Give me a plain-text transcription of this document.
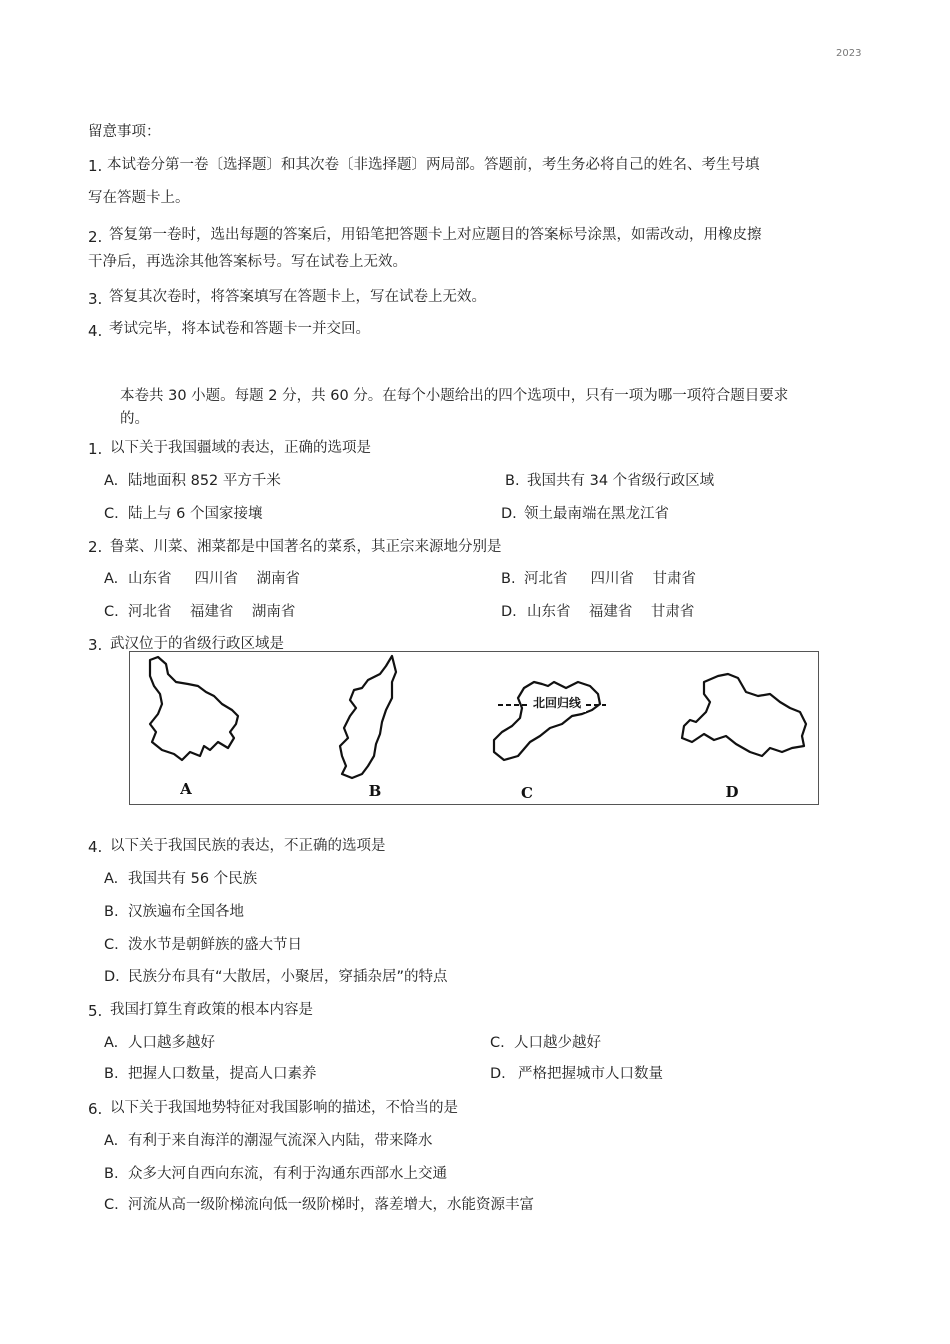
2023
留意事项：
1. 本试卷分第一卷〔选择题〕和其次卷〔非选择题〕两局部。答题前，考生务必将自己的姓名、考生号填
写在答题卡上。
2. 答复第一卷时，选出每题的答案后，用铅笔把答题卡上对应题目的答案标号涂黑，如需改动，用橡皮擦
干净后，再选涂其他答案标号。写在试卷上无效。
3. 答复其次卷时，将答案填写在答题卡上，写在试卷上无效。
4. 考试完毕，将本试卷和答题卡一并交回。
本卷共 30 小题。每题 2 分，共 60 分。在每个小题给出的四个选项中，只有一项为哪一项符合题目要求
的。
1. 以下关于我国疆域的表达，正确的选项是
A. 陆地面积 852 平方千米	B. 我国共有 34 个省级行政区域
C. 陆上与 6 个国家接壤	D. 领土最南端在黑龙江省
2. 鲁菜、川菜、湘菜都是中国著名的菜系，其正宗来源地分别是
A. 山东省     四川省    湖南省	B. 河北省     四川省    甘肃省
C. 河北省    福建省    湖南省	D. 山东省    福建省    甘肃省
3. 武汉位于的省级行政区域是
北回归线
A	B	C	D
4. 以下关于我国民族的表达，不正确的选项是
A. 我国共有 56 个民族
B. 汉族遍布全国各地
C. 泼水节是朝鲜族的盛大节日
D. 民族分布具有“大散居，小聚居，穿插杂居”的特点
5. 我国打算生育政策的根本内容是
A. 人口越多越好	C. 人口越少越好
B. 把握人口数量，提高人口素养	D. 严格把握城市人口数量
6. 以下关于我国地势特征对我国影响的描述，不恰当的是
A. 有利于来自海洋的潮湿气流深入内陆，带来降水
B. 众多大河自西向东流，有利于沟通东西部水上交通
C. 河流从高一级阶梯流向低一级阶梯时，落差增大，水能资源丰富
